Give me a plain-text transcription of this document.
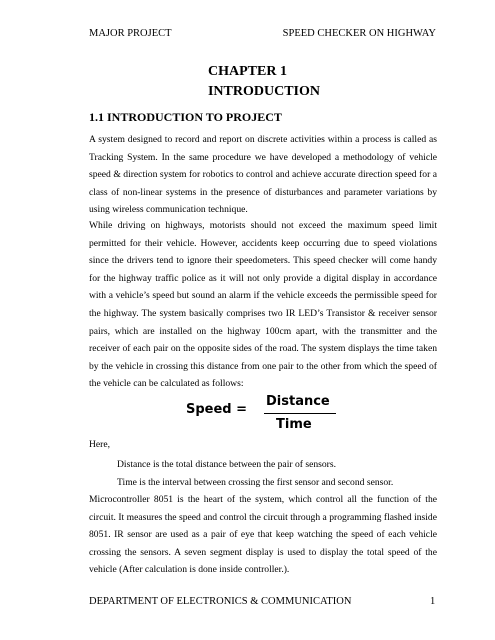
MAJOR PROJECT	SPEED CHECKER ON HIGHWAY
CHAPTER 1
INTRODUCTION
1.1 INTRODUCTION TO PROJECT
A system designed to record and report on discrete activities within a process is called as Tracking System. In the same procedure we have developed a methodology of vehicle speed & direction system for robotics to control and achieve accurate direction speed for a class of non-linear systems in the presence of disturbances and parameter variations by using wireless communication technique.
While driving on highways, motorists should not exceed the maximum speed limit permitted for their vehicle. However, accidents keep occurring due to speed violations since the drivers tend to ignore their speedometers. This speed checker will come handy for the highway traffic police as it will not only provide a digital display in accordance with a vehicle’s speed but sound an alarm if the vehicle exceeds the permissible speed for the highway. The system basically comprises two IR LED’s Transistor & receiver sensor pairs, which are installed on the highway 100cm apart, with the transmitter and the receiver of each pair on the opposite sides of the road. The system displays the time taken by the vehicle in crossing this distance from one pair to the other from which the speed of the vehicle can be calculated as follows:
Speed =
Distance
Time
Here,
Distance is the total distance between the pair of sensors.
Time is the interval between crossing the first sensor and second sensor.
Microcontroller 8051 is the heart of the system, which control all the function of the circuit. It measures the speed and control the circuit through a programming flashed inside 8051. IR sensor are used as a pair of eye that keep watching the speed of each vehicle crossing the sensors. A seven segment display is used to display the total speed of the vehicle (After calculation is done inside controller.).
DEPARTMENT OF ELECTRONICS & COMMUNICATION	1
